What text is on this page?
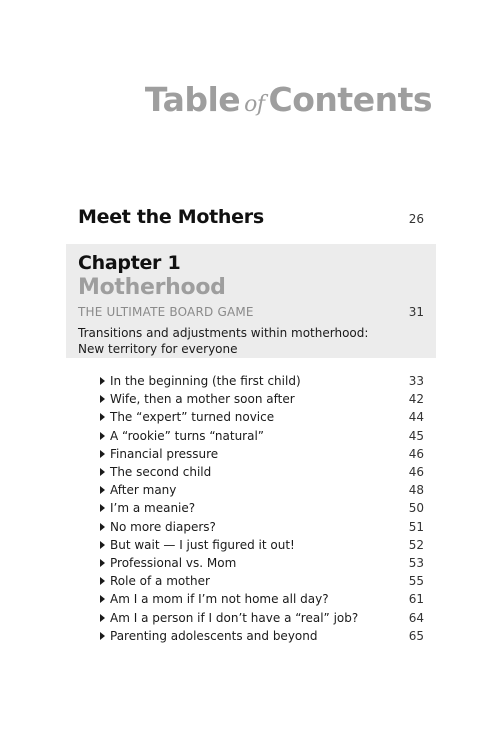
Table of Contents
Meet the Mothers	26
Chapter 1
Motherhood
THE ULTIMATE BOARD GAME	31
Transitions and adjustments within motherhood:
New territory for everyone
In the beginning (the first child)	33
Wife, then a mother soon after	42
The “expert” turned novice	44
A “rookie” turns “natural”	45
Financial pressure	46
The second child	46
After many	48
I’m a meanie?	50
No more diapers?	51
But wait — I just figured it out!	52
Professional vs. Mom	53
Role of a mother	55
Am I a mom if I’m not home all day?	61
Am I a person if I don’t have a “real” job?	64
Parenting adolescents and beyond	65
